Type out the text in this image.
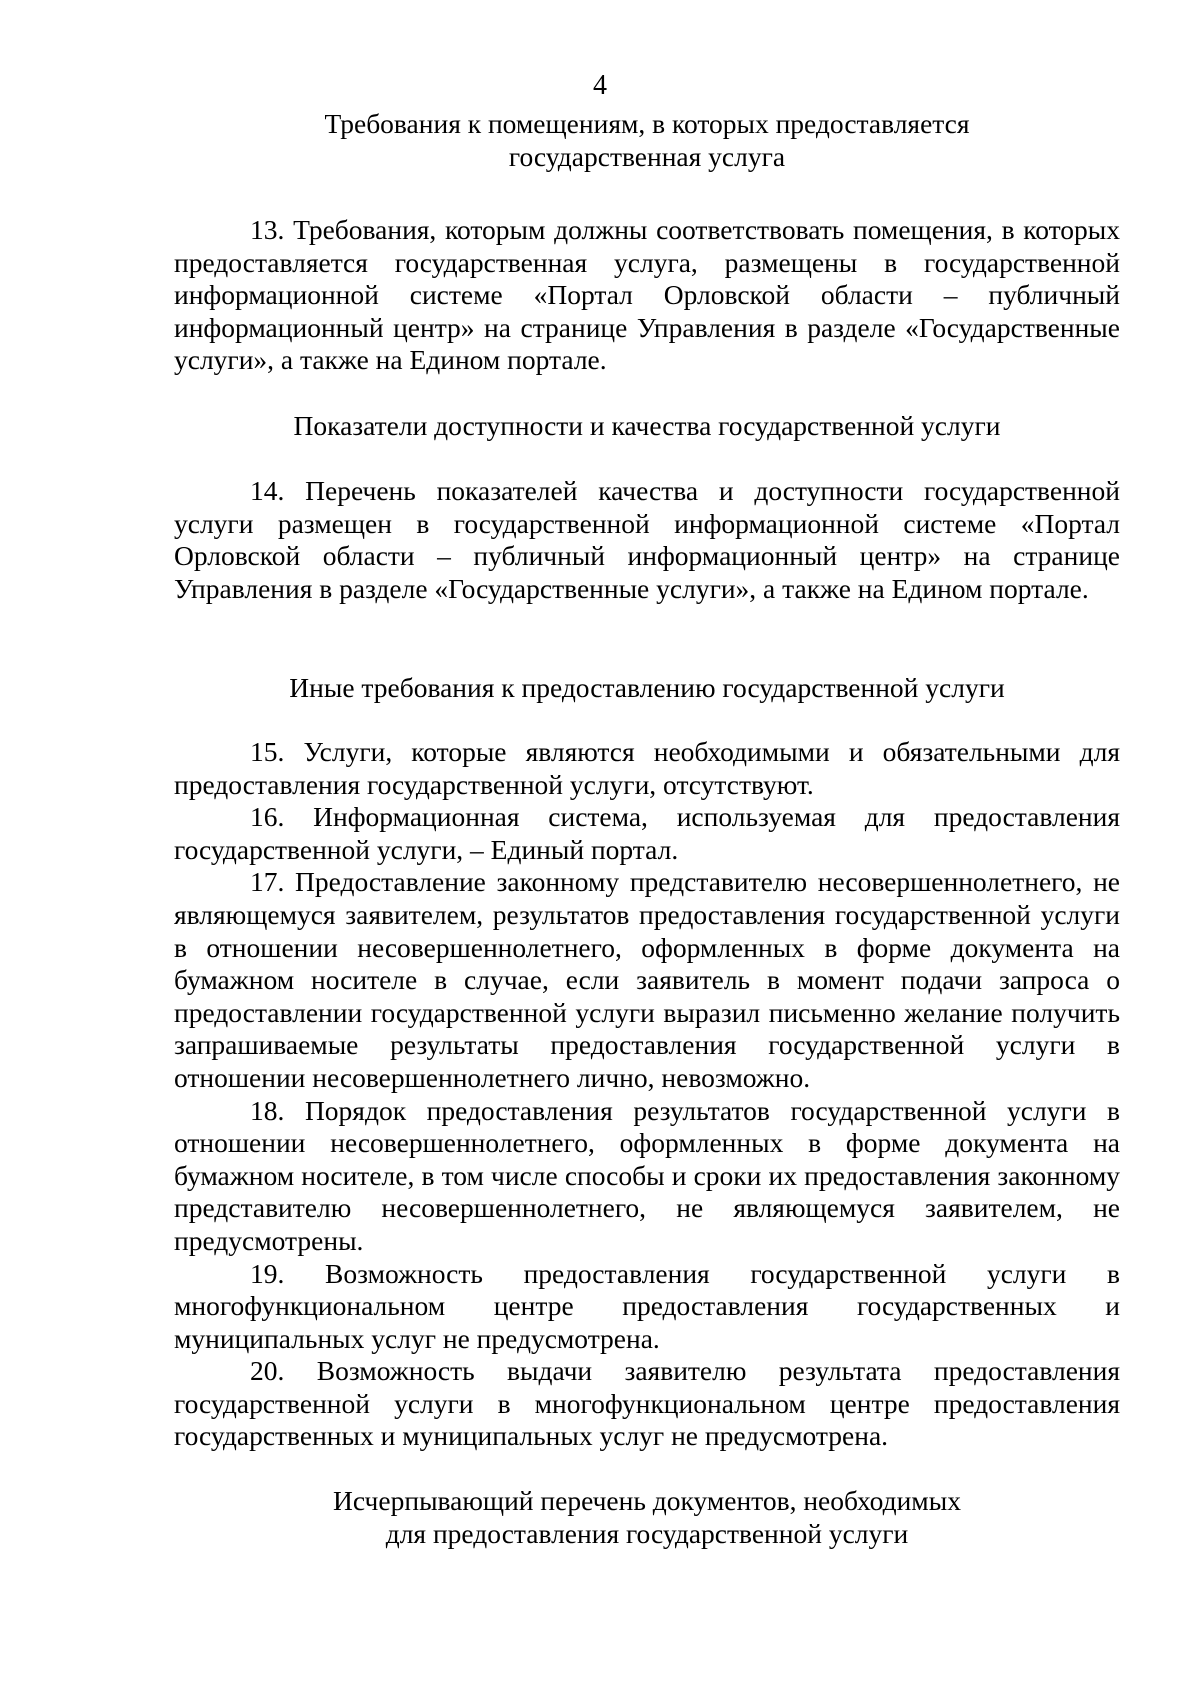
4
Требования к помещениям, в которых предоставляется
государственная услуга

13. Требования, которым должны соответствовать помещения, в которых предоставляется государственная услуга, размещены в государственной информационной системе «Портал Орловской области – публичный информационный центр» на странице Управления в разделе «Государственные услуги», а также на Едином портале.

Показатели доступности и качества государственной услуги

14. Перечень показателей качества и доступности государственной услуги размещен в государственной информационной системе «Портал Орловской области – публичный информационный центр» на странице Управления в разделе «Государственные услуги», а также на Едином портале.

Иные требования к предоставлению государственной услуги

15. Услуги, которые являются необходимыми и обязательными для предоставления государственной услуги, отсутствуют.

16. Информационная система, используемая для предоставления государственной услуги, – Единый портал.

17. Предоставление законному представителю несовершеннолетнего, не являющемуся заявителем, результатов предоставления государственной услуги в отношении несовершеннолетнего, оформленных в форме документа на бумажном носителе в случае, если заявитель в момент подачи запроса о предоставлении государственной услуги выразил письменно желание получить запрашиваемые результаты предоставления государственной услуги в отношении несовершеннолетнего лично, невозможно.

18. Порядок предоставления результатов государственной услуги в отношении несовершеннолетнего, оформленных в форме документа на бумажном носителе, в том числе способы и сроки их предоставления законному представителю несовершеннолетнего, не являющемуся заявителем, не предусмотрены.

19. Возможность предоставления государственной услуги в многофункциональном центре предоставления государственных и муниципальных услуг не предусмотрена.

20. Возможность выдачи заявителю результата предоставления государственной услуги в многофункциональном центре предоставления государственных и муниципальных услуг не предусмотрена.

Исчерпывающий перечень документов, необходимых
для предоставления государственной услуги
